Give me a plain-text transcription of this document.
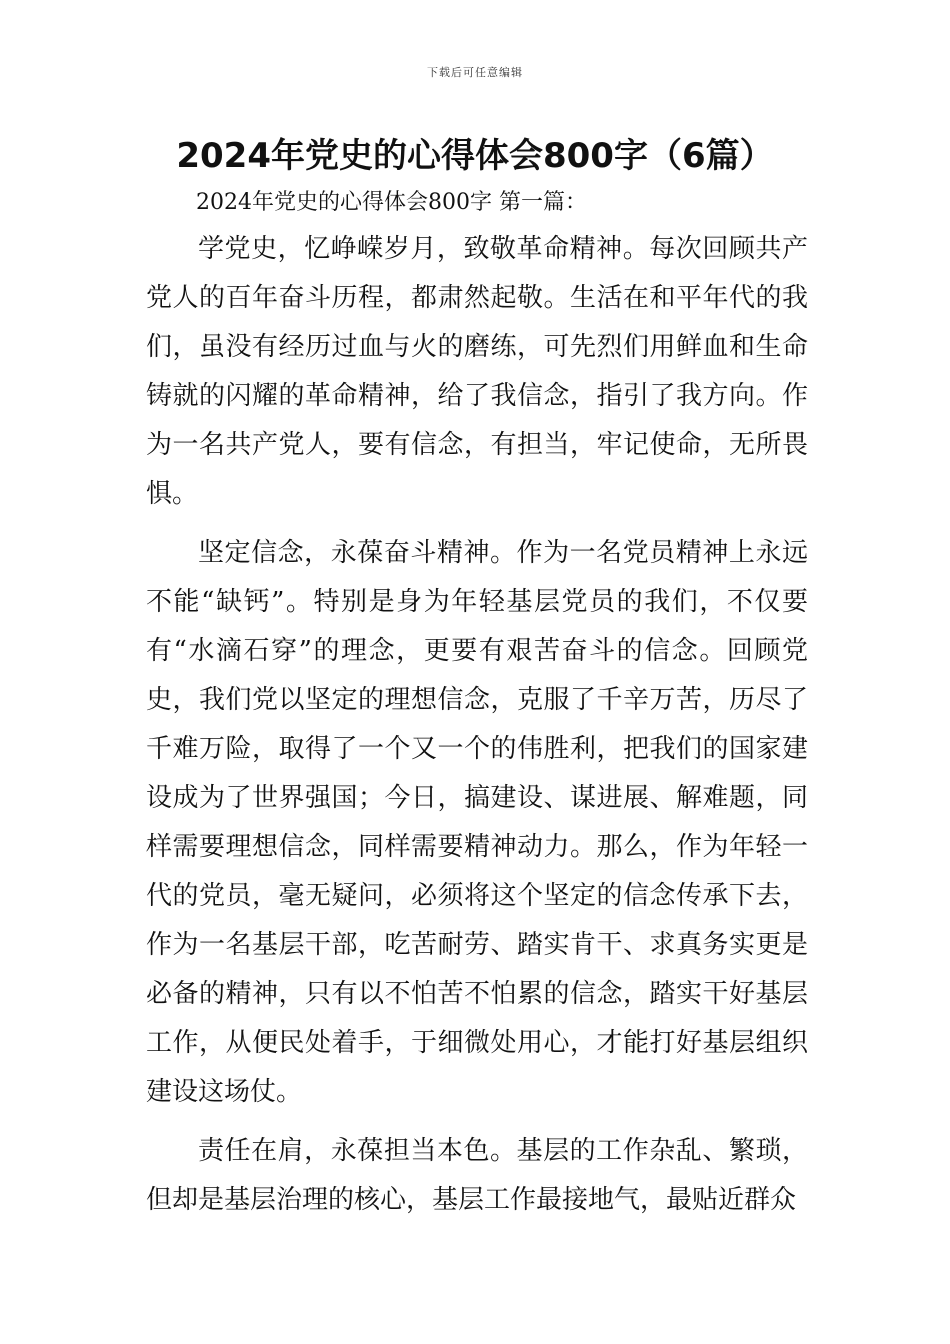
下载后可任意编辑
2024年党史的心得体会800字（6篇）
2024年党史的心得体会800字 第一篇：

学党史，忆峥嵘岁月，致敬革命精神。每次回顾共产党人的百年奋斗历程，都肃然起敬。生活在和平年代的我们，虽没有经历过血与火的磨练，可先烈们用鲜血和生命铸就的闪耀的革命精神，给了我信念，指引了我方向。作为一名共产党人，要有信念，有担当，牢记使命，无所畏惧。

坚定信念，永葆奋斗精神。作为一名党员精神上永远不能“缺钙”。特别是身为年轻基层党员的我们，不仅要有“水滴石穿”的理念，更要有艰苦奋斗的信念。回顾党史，我们党以坚定的理想信念，克服了千辛万苦，历尽了千难万险，取得了一个又一个的伟胜利，把我们的国家建设成为了世界强国；今日，搞建设、谋进展、解难题，同样需要理想信念，同样需要精神动力。那么，作为年轻一代的党员，毫无疑问，必须将这个坚定的信念传承下去，作为一名基层干部，吃苦耐劳、踏实肯干、求真务实更是必备的精神，只有以不怕苦不怕累的信念，踏实干好基层工作，从便民处着手，于细微处用心，才能打好基层组织建设这场仗。

责任在肩，永葆担当本色。基层的工作杂乱、繁琐，但却是基层治理的核心，基层工作最接地气，最贴近群众
